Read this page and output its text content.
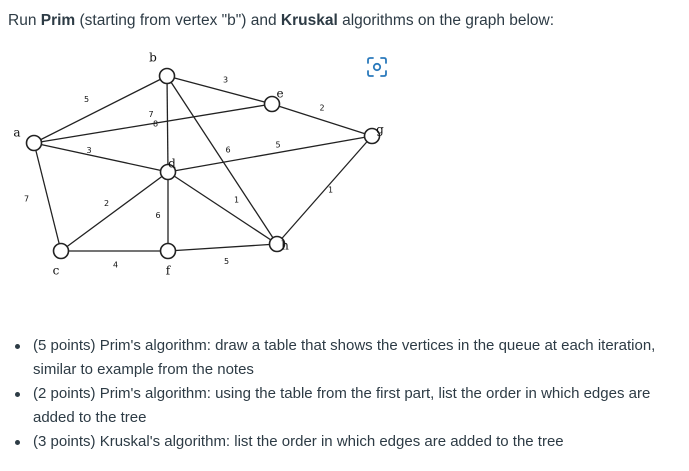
Run Prim (starting from vertex "b") and Kruskal algorithms on the graph below:
5
3
8
6
7
2
3
5
7	2
6
1
4	5
1
a
b
c
d
e
f
g
h
(5 points) Prim's algorithm: draw a table that shows the vertices in the queue at each iteration, similar to example from the notes
(2 points) Prim's algorithm: using the table from the first part, list the order in which edges are added to the tree
(3 points) Kruskal's algorithm: list the order in which edges are added to the tree
